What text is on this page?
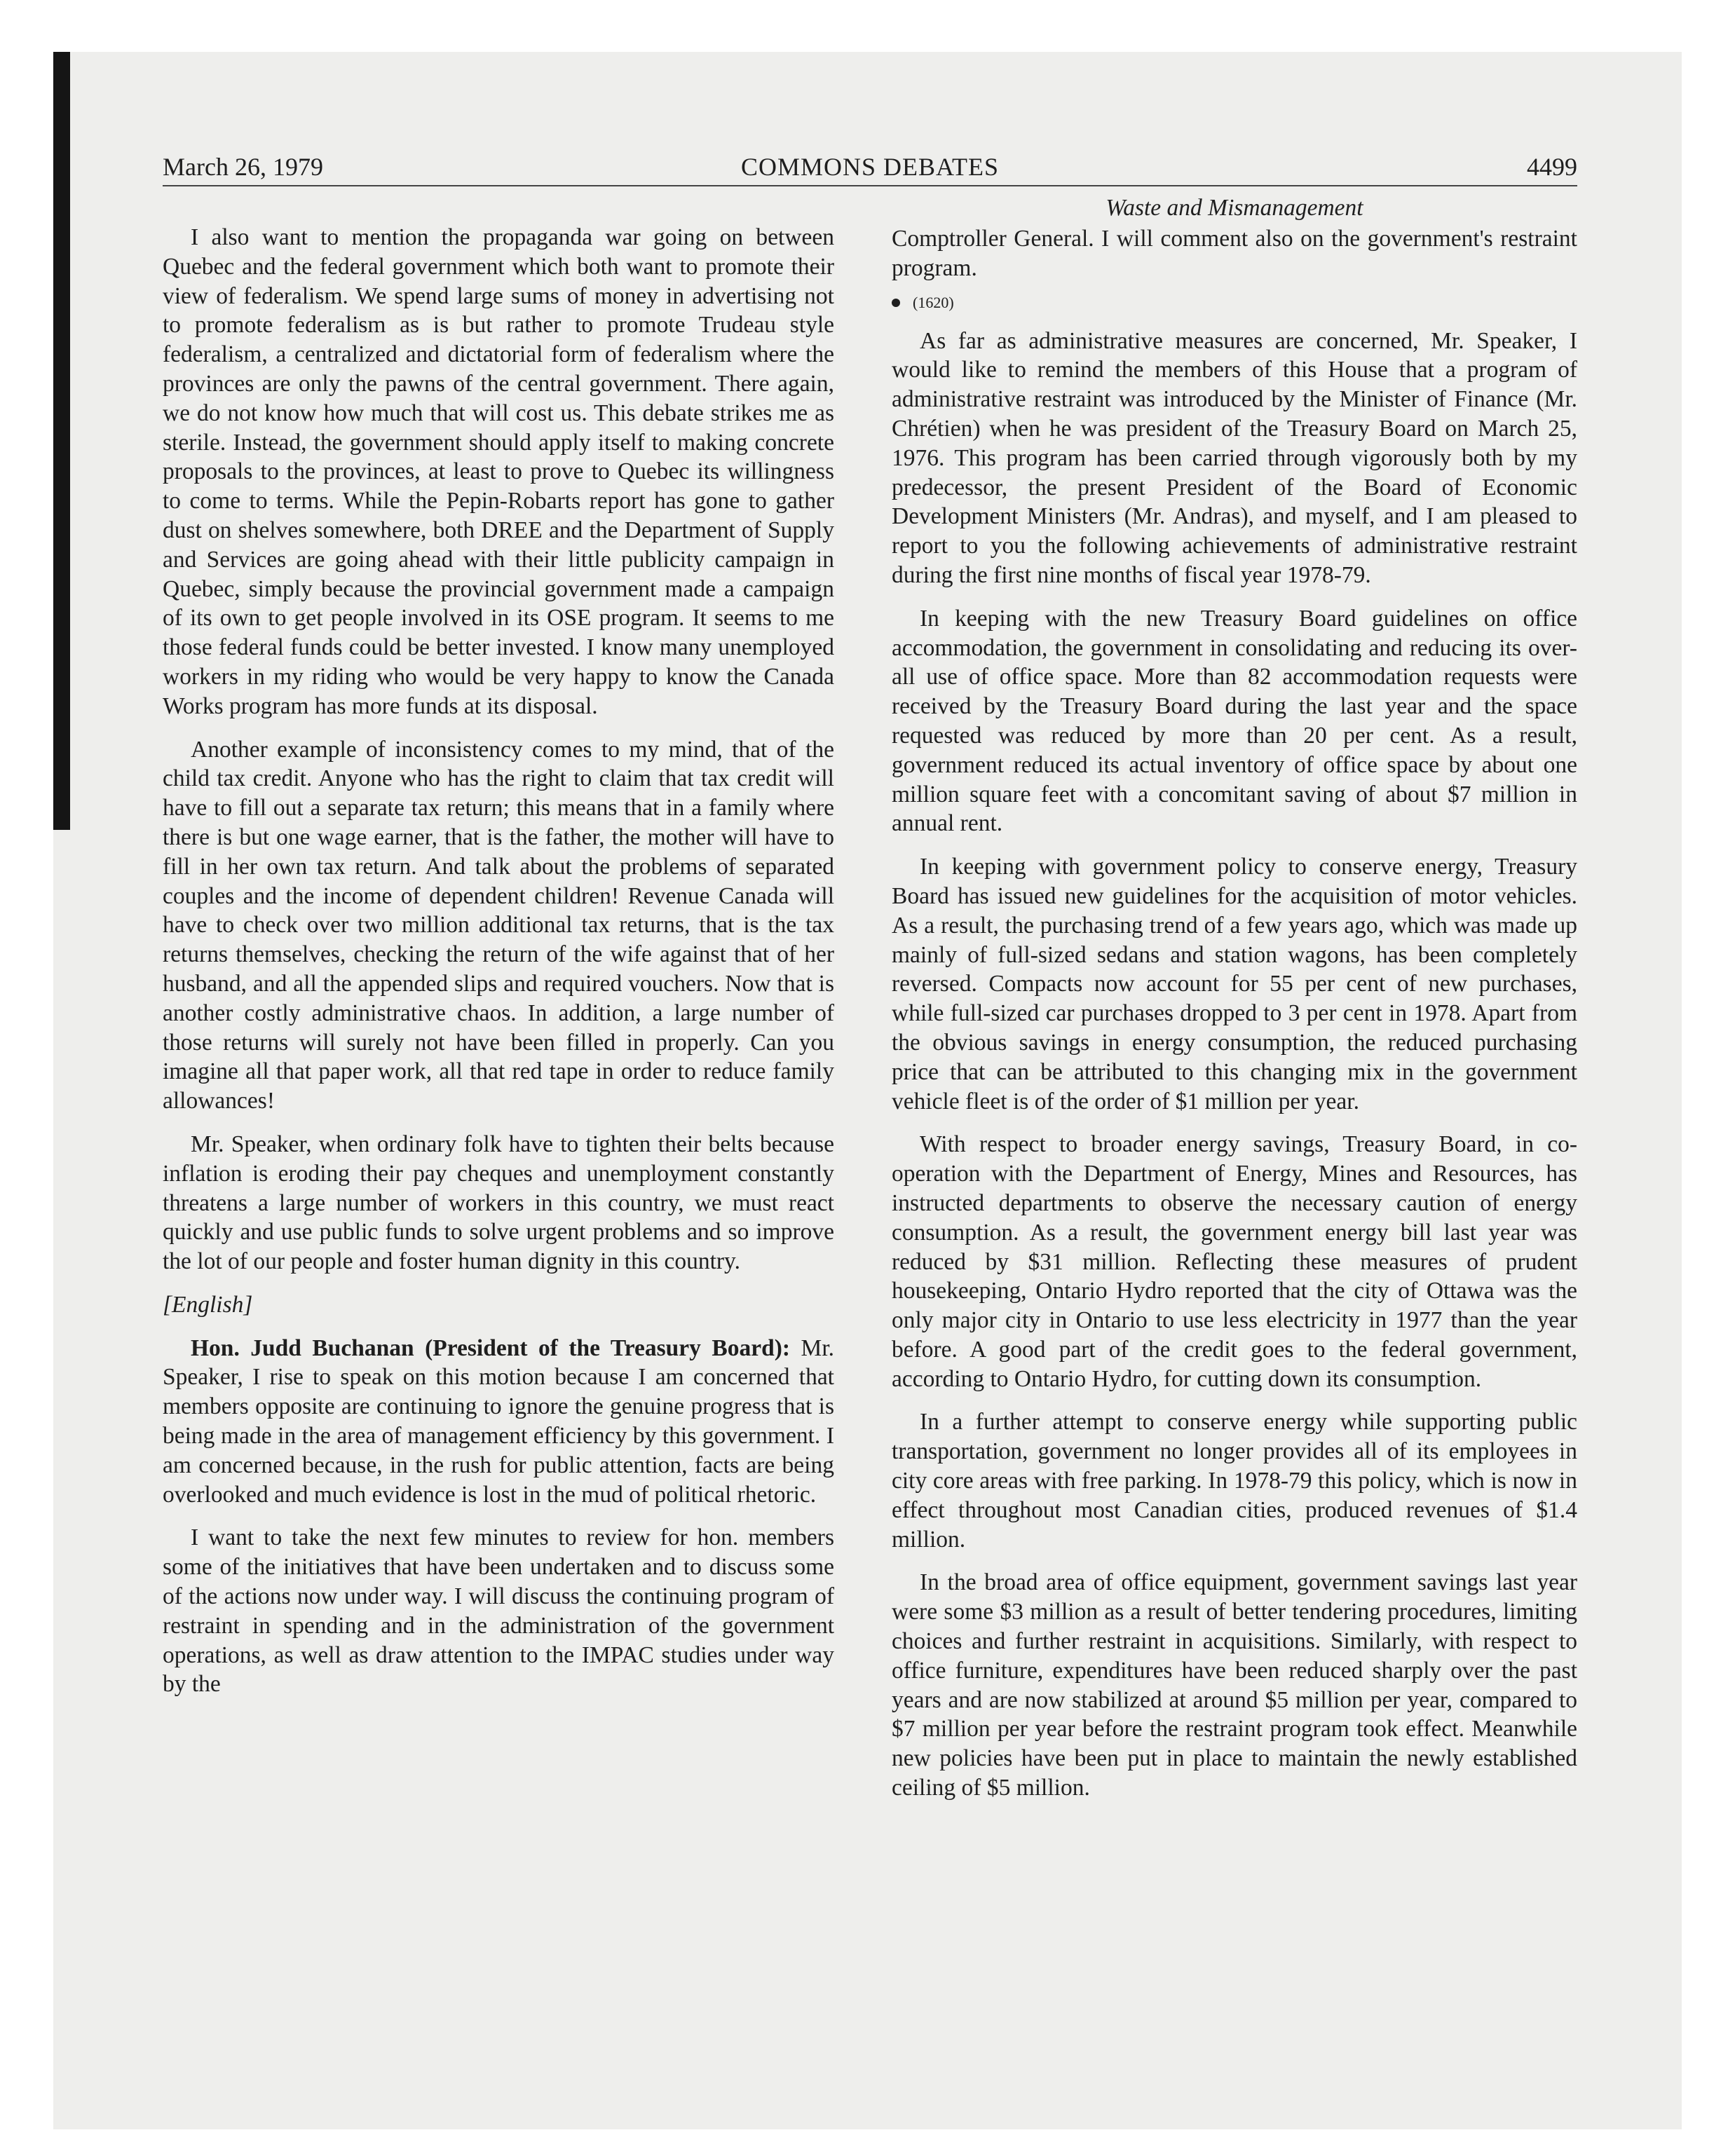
March 26, 1979	COMMONS DEBATES	4499

I also want to mention the propaganda war going on between Quebec and the federal government which both want to promote their view of federalism. We spend large sums of money in advertising not to promote federalism as is but rather to promote Trudeau style federalism, a centralized and dictatorial form of federalism where the provinces are only the pawns of the central government. There again, we do not know how much that will cost us. This debate strikes me as sterile. Instead, the government should apply itself to making concrete proposals to the provinces, at least to prove to Quebec its willingness to come to terms. While the Pepin-Robarts report has gone to gather dust on shelves somewhere, both DREE and the Department of Supply and Services are going ahead with their little publicity campaign in Quebec, simply because the provincial government made a campaign of its own to get people involved in its OSE program. It seems to me those federal funds could be better invested. I know many unemployed workers in my riding who would be very happy to know the Canada Works program has more funds at its disposal.

Another example of inconsistency comes to my mind, that of the child tax credit. Anyone who has the right to claim that tax credit will have to fill out a separate tax return; this means that in a family where there is but one wage earner, that is the father, the mother will have to fill in her own tax return. And talk about the problems of separated couples and the income of dependent children! Revenue Canada will have to check over two million additional tax returns, that is the tax returns themselves, checking the return of the wife against that of her husband, and all the appended slips and required vouchers. Now that is another costly administrative chaos. In addition, a large number of those returns will surely not have been filled in properly. Can you imagine all that paper work, all that red tape in order to reduce family allowances!

Mr. Speaker, when ordinary folk have to tighten their belts because inflation is eroding their pay cheques and unemployment constantly threatens a large number of workers in this country, we must react quickly and use public funds to solve urgent problems and so improve the lot of our people and foster human dignity in this country.

[English]

Hon. Judd Buchanan (President of the Treasury Board): Mr. Speaker, I rise to speak on this motion because I am concerned that members opposite are continuing to ignore the genuine progress that is being made in the area of management efficiency by this government. I am concerned because, in the rush for public attention, facts are being overlooked and much evidence is lost in the mud of political rhetoric.

I want to take the next few minutes to review for hon. members some of the initiatives that have been undertaken and to discuss some of the actions now under way. I will discuss the continuing program of restraint in spending and in the administration of the government operations, as well as draw attention to the IMPAC studies under way by the

Waste and Mismanagement

Comptroller General. I will comment also on the government's restraint program.

(1620)

As far as administrative measures are concerned, Mr. Speaker, I would like to remind the members of this House that a program of administrative restraint was introduced by the Minister of Finance (Mr. Chrétien) when he was president of the Treasury Board on March 25, 1976. This program has been carried through vigorously both by my predecessor, the present President of the Board of Economic Development Ministers (Mr. Andras), and myself, and I am pleased to report to you the following achievements of administrative restraint during the first nine months of fiscal year 1978-79.

In keeping with the new Treasury Board guidelines on office accommodation, the government in consolidating and reducing its over-all use of office space. More than 82 accommodation requests were received by the Treasury Board during the last year and the space requested was reduced by more than 20 per cent. As a result, government reduced its actual inventory of office space by about one million square feet with a concomitant saving of about $7 million in annual rent.

In keeping with government policy to conserve energy, Treasury Board has issued new guidelines for the acquisition of motor vehicles. As a result, the purchasing trend of a few years ago, which was made up mainly of full-sized sedans and station wagons, has been completely reversed. Compacts now account for 55 per cent of new purchases, while full-sized car purchases dropped to 3 per cent in 1978. Apart from the obvious savings in energy consumption, the reduced purchasing price that can be attributed to this changing mix in the government vehicle fleet is of the order of $1 million per year.

With respect to broader energy savings, Treasury Board, in co-operation with the Department of Energy, Mines and Resources, has instructed departments to observe the necessary caution of energy consumption. As a result, the government energy bill last year was reduced by $31 million. Reflecting these measures of prudent housekeeping, Ontario Hydro reported that the city of Ottawa was the only major city in Ontario to use less electricity in 1977 than the year before. A good part of the credit goes to the federal government, according to Ontario Hydro, for cutting down its consumption.

In a further attempt to conserve energy while supporting public transportation, government no longer provides all of its employees in city core areas with free parking. In 1978-79 this policy, which is now in effect throughout most Canadian cities, produced revenues of $1.4 million.

In the broad area of office equipment, government savings last year were some $3 million as a result of better tendering procedures, limiting choices and further restraint in acquisitions. Similarly, with respect to office furniture, expenditures have been reduced sharply over the past years and are now stabilized at around $5 million per year, compared to $7 million per year before the restraint program took effect. Meanwhile new policies have been put in place to maintain the newly established ceiling of $5 million.
